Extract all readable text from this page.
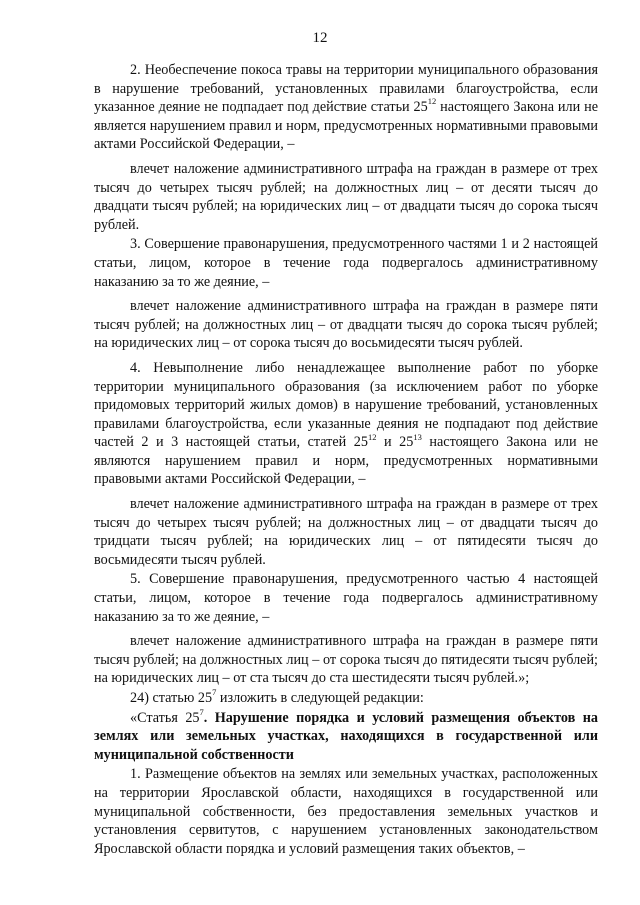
12

2. Необеспечение покоса травы на территории муниципального образования в нарушение требований, установленных правилами благоустройства, если указанное деяние не подпадает под действие статьи $25^{12}$ настоящего Закона или не является нарушением правил и норм, предусмотренных нормативными правовыми актами Российской Федерации, –

влечет наложение административного штрафа на граждан в размере от трех тысяч до четырех тысяч рублей; на должностных лиц – от десяти тысяч до двадцати тысяч рублей; на юридических лиц – от двадцати тысяч до сорока тысяч рублей.

3. Совершение правонарушения, предусмотренного частями 1 и 2 настоящей статьи, лицом, которое в течение года подвергалось административному наказанию за то же деяние, –

влечет наложение административного штрафа на граждан в размере пяти тысяч рублей; на должностных лиц – от двадцати тысяч до сорока тысяч рублей; на юридических лиц – от сорока тысяч до восьмидесяти тысяч рублей.

4. Невыполнение либо ненадлежащее выполнение работ по уборке территории муниципального образования (за исключением работ по уборке придомовых территорий жилых домов) в нарушение требований, установленных правилами благоустройства, если указанные деяния не подпадают под действие частей 2 и 3 настоящей статьи, статей $25^{12}$ и $25^{13}$ настоящего Закона или не являются нарушением правил и норм, предусмотренных нормативными правовыми актами Российской Федерации, –

влечет наложение административного штрафа на граждан в размере от трех тысяч до четырех тысяч рублей; на должностных лиц – от двадцати тысяч до тридцати тысяч рублей; на юридических лиц – от пятидесяти тысяч до восьмидесяти тысяч рублей.

5. Совершение правонарушения, предусмотренного частью 4 настоящей статьи, лицом, которое в течение года подвергалось административному наказанию за то же деяние, –

влечет наложение административного штрафа на граждан в размере пяти тысяч рублей; на должностных лиц – от сорока тысяч до пятидесяти тысяч рублей; на юридических лиц – от ста тысяч до ста шестидесяти тысяч рублей.»;

24) статью $25^7$ изложить в следующей редакции:

«Статья $25^7$. Нарушение порядка и условий размещения объектов на землях или земельных участках, находящихся в государственной или муниципальной собственности

1. Размещение объектов на землях или земельных участках, расположенных на территории Ярославской области, находящихся в государственной или муниципальной собственности, без предоставления земельных участков и установления сервитутов, с нарушением установленных законодательством Ярославской области порядка и условий размещения таких объектов, –
